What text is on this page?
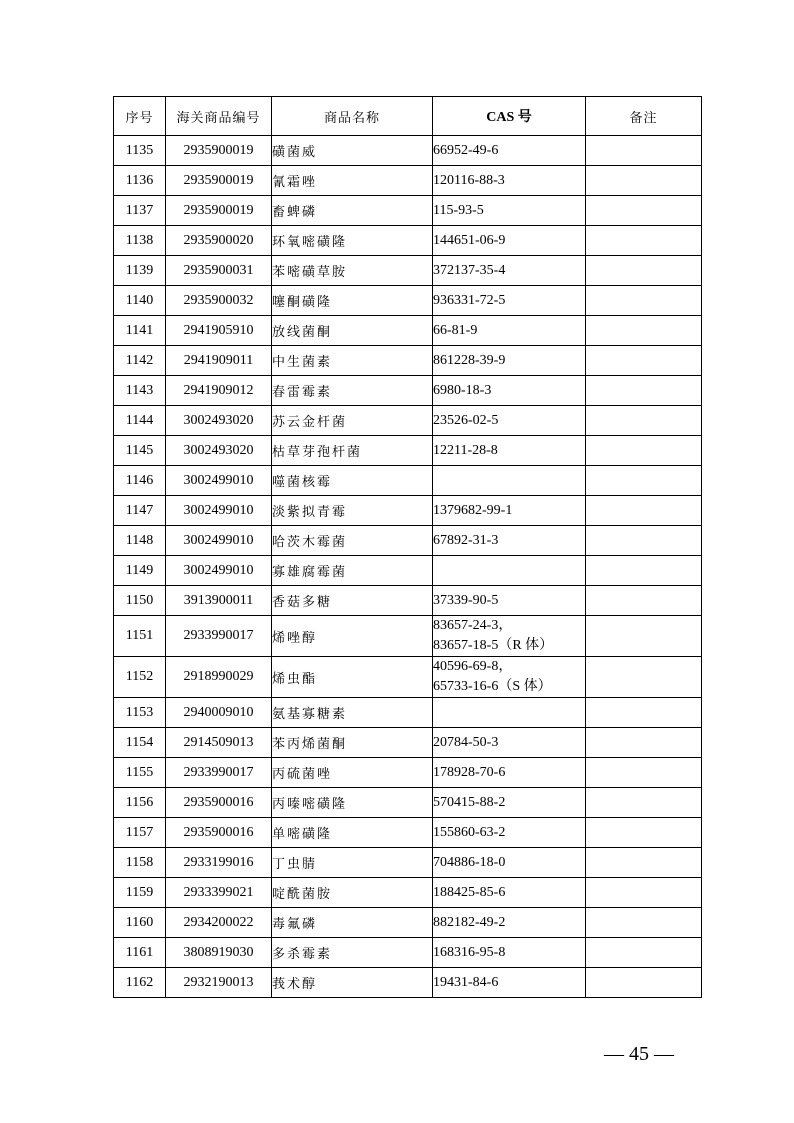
序号	海关商品编号	商品名称	CAS 号	备注
1135	2935900019	磺菌威	66952-49-6	

1136	2935900019	氰霜唑	120116-88-3	

1137	2935900019	畜蜱磷	115-93-5	

1138	2935900020	环氧嘧磺隆	144651-06-9	

1139	2935900031	苯嘧磺草胺	372137-35-4	

1140	2935900032	噻酮磺隆	936331-72-5	

1141	2941905910	放线菌酮	66-81-9	

1142	2941909011	中生菌素	861228-39-9	

1143	2941909012	春雷霉素	6980-18-3	

1144	3002493020	苏云金杆菌	23526-02-5	

1145	3002493020	枯草芽孢杆菌	12211-28-8	

1146	3002499010	噬菌核霉		
1147	3002499010	淡紫拟青霉	1379682-99-1	

1148	3002499010	哈茨木霉菌	67892-31-3	

1149	3002499010	寡雄腐霉菌		
1150	3913900011	香菇多糖	37339-90-5	

1151	2933990017	烯唑醇	83657-24-3，
83657-18-5（R 体）	

1152	2918990029	烯虫酯	40596-69-8，
65733-16-6（S 体）	

1153	2940009010	氨基寡糖素		
1154	2914509013	苯丙烯菌酮	20784-50-3	

1155	2933990017	丙硫菌唑	178928-70-6	

1156	2935900016	丙嗪嘧磺隆	570415-88-2	

1157	2935900016	单嘧磺隆	155860-63-2	

1158	2933199016	丁虫腈	704886-18-0	

1159	2933399021	啶酰菌胺	188425-85-6	

1160	2934200022	毒氟磷	882182-49-2	

1161	3808919030	多杀霉素	168316-95-8	

1162	2932190013	莪术醇	19431-84-6	

— 45 —
